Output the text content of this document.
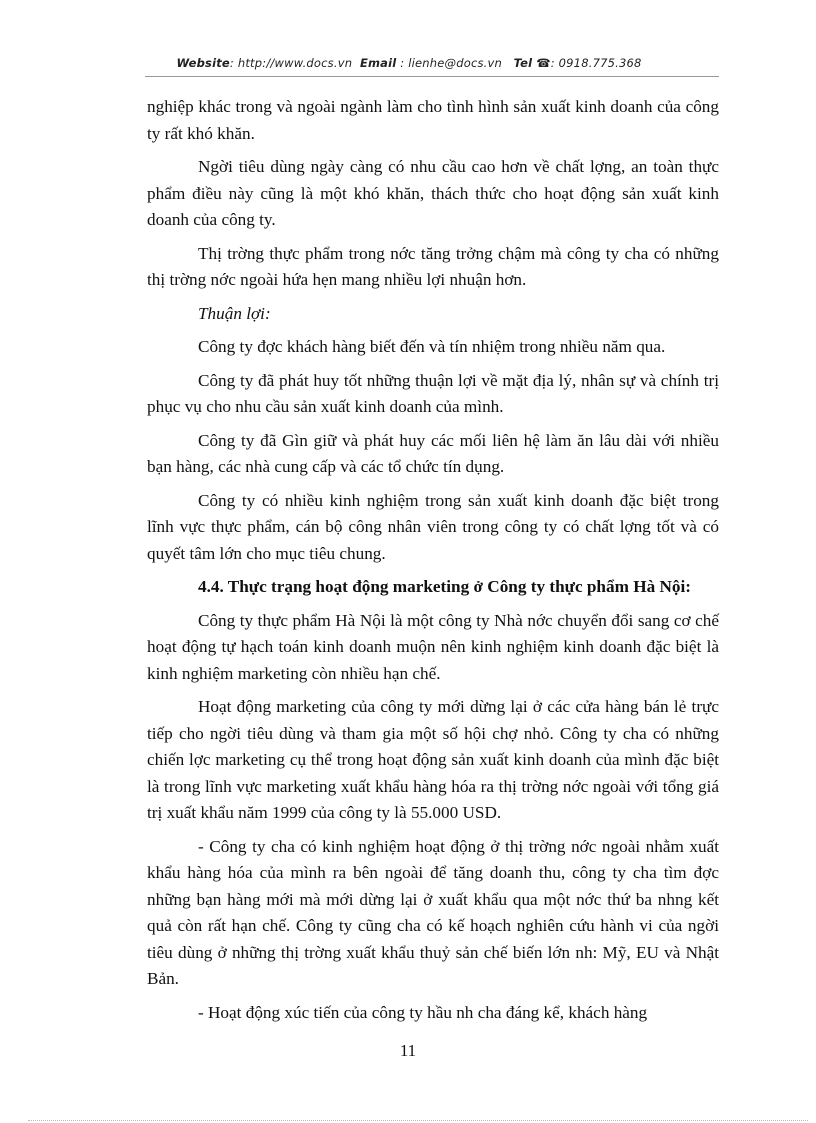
Website: http://www.docs.vn Email : lienhe@docs.vn Tel ☎: 0918.775.368

nghiệp khác trong và ngoài ngành làm cho tình hình sản xuất kinh doanh của công ty rất khó khăn.

Ngời tiêu dùng ngày càng có nhu cầu cao hơn về chất lợng, an toàn thực phẩm điều này cũng là một khó khăn, thách thức cho hoạt động sản xuất kinh doanh của công ty.

Thị trờng thực phẩm trong nớc tăng trởng chậm mà công ty cha có những thị trờng nớc ngoài hứa hẹn mang nhiều lợi nhuận hơn.

Thuận lợi:

Công ty đợc khách hàng biết đến và tín nhiệm trong nhiều năm qua.

Công ty đã phát huy tốt những thuận lợi về mặt địa lý, nhân sự và chính trị phục vụ cho nhu cầu sản xuất kinh doanh của mình.

Công ty đã Gìn giữ và phát huy các mối liên hệ làm ăn lâu dài với nhiều bạn hàng, các nhà cung cấp và các tổ chức tín dụng.

Công ty có nhiều kinh nghiệm trong sản xuất kinh doanh đặc biệt trong lĩnh vực thực phẩm, cán bộ công nhân viên trong công ty có chất lợng tốt và có quyết tâm lớn cho mục tiêu chung.

4.4. Thực trạng hoạt động marketing ở Công ty thực phẩm Hà Nội:

Công ty thực phẩm Hà Nội là một công ty Nhà nớc chuyển đổi sang cơ chế hoạt động tự hạch toán kinh doanh muộn nên kinh nghiệm kinh doanh đặc biệt là kinh nghiệm marketing còn nhiều hạn chế.

Hoạt động marketing của công ty mới dừng lại ở các cửa hàng bán lẻ trực tiếp cho ngời tiêu dùng và tham gia một số hội chợ nhỏ. Công ty cha có những chiến lợc marketing cụ thể trong hoạt động sản xuất kinh doanh của mình đặc biệt là trong lĩnh vực marketing xuất khẩu hàng hóa ra thị trờng nớc ngoài với tổng giá trị xuất khẩu năm 1999 của công ty là 55.000 USD.

- Công ty cha có kinh nghiệm hoạt động ở thị trờng nớc ngoài nhằm xuất khẩu hàng hóa của mình ra bên ngoài để tăng doanh thu, công ty cha tìm đợc những bạn hàng mới mà mới dừng lại ở xuất khẩu qua một nớc thứ ba nhng kết quả còn rất hạn chế. Công ty cũng cha có kế hoạch nghiên cứu hành vi của ngời tiêu dùng ở những thị trờng xuất khẩu thuỷ sản chế biến lớn nh: Mỹ, EU và Nhật Bản.

- Hoạt động xúc tiến của công ty hầu nh cha đáng kể, khách hàng

11
